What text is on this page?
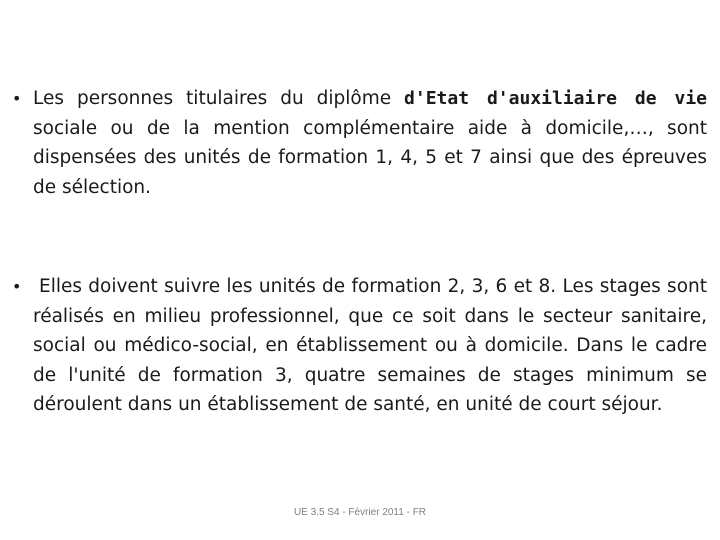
• Les personnes titulaires du diplôme d'Etat d'auxiliaire de vie sociale ou de la mention complémentaire aide à domicile,…, sont dispensées des unités de formation 1, 4, 5 et 7 ainsi que des épreuves de sélection.
• Elles doivent suivre les unités de formation 2, 3, 6 et 8. Les stages sont réalisés en milieu professionnel, que ce soit dans le secteur sanitaire, social ou médico-social, en établissement ou à domicile. Dans le cadre de l'unité de formation 3, quatre semaines de stages minimum se déroulent dans un établissement de santé, en unité de court séjour.
UE 3.5 S4 - Février 2011 - FR
